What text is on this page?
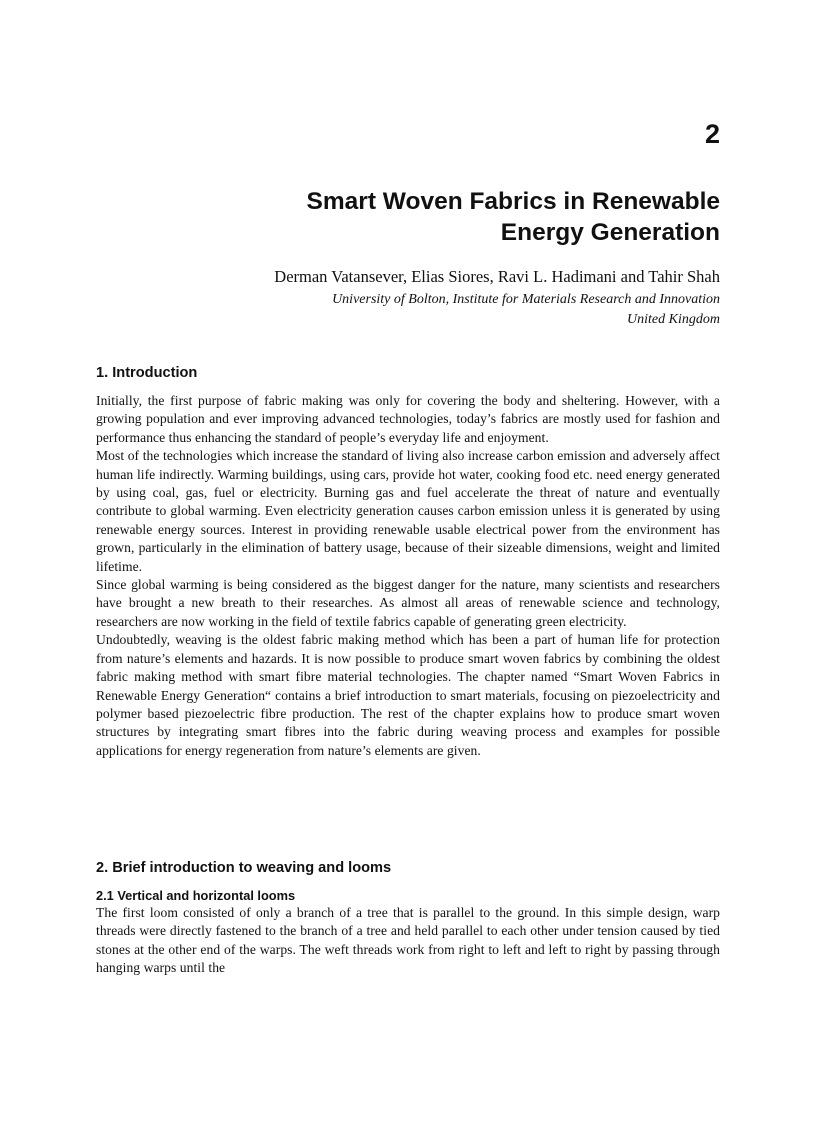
2
Smart Woven Fabrics in Renewable
Energy Generation

Derman Vatansever, Elias Siores, Ravi L. Hadimani and Tahir Shah

University of Bolton, Institute for Materials Research and Innovation
United Kingdom

1. Introduction

Initially, the first purpose of fabric making was only for covering the body and sheltering. However, with a growing population and ever improving advanced technologies, today’s fabrics are mostly used for fashion and performance thus enhancing the standard of people’s everyday life and enjoyment.

Most of the technologies which increase the standard of living also increase carbon emission and adversely affect human life indirectly. Warming buildings, using cars, provide hot water, cooking food etc. need energy generated by using coal, gas, fuel or electricity. Burning gas and fuel accelerate the threat of nature and eventually contribute to global warming. Even electricity generation causes carbon emission unless it is generated by using renewable energy sources. Interest in providing renewable usable electrical power from the environment has grown, particularly in the elimination of battery usage, because of their sizeable dimensions, weight and limited lifetime.

Since global warming is being considered as the biggest danger for the nature, many scientists and researchers have brought a new breath to their researches. As almost all areas of renewable science and technology, researchers are now working in the field of textile fabrics capable of generating green electricity.

Undoubtedly, weaving is the oldest fabric making method which has been a part of human life for protection from nature’s elements and hazards. It is now possible to produce smart woven fabrics by combining the oldest fabric making method with smart fibre material technologies. The chapter named “Smart Woven Fabrics in Renewable Energy Generation“ contains a brief introduction to smart materials, focusing on piezoelectricity and polymer based piezoelectric fibre production. The rest of the chapter explains how to produce smart woven structures by integrating smart fibres into the fabric during weaving process and examples for possible applications for energy regeneration from nature’s elements are given.

2. Brief introduction to weaving and looms
2.1 Vertical and horizontal looms

The first loom consisted of only a branch of a tree that is parallel to the ground. In this simple design, warp threads were directly fastened to the branch of a tree and held parallel to each other under tension caused by tied stones at the other end of the warps. The weft threads work from right to left and left to right by passing through hanging warps until the
